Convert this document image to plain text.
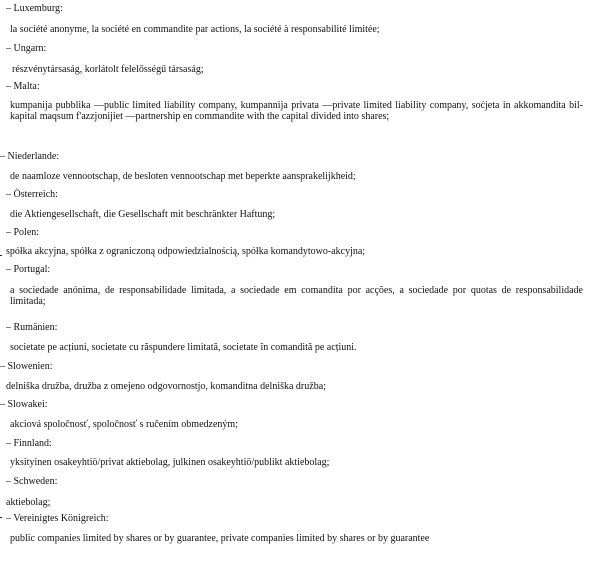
– Luxemburg:

la société anonyme, la société en commandite par actions, la société à responsabilité limitée;

– Ungarn:

részvénytársaság, korlátolt felelősségű társaság;

– Malta:

kumpanija pubblika —public limited liability company, kumpannija privata —private limited liability company, soċjeta in akkomandita bil-kapital maqsum f'azzjonijiet —partnership en commandite with the capital divided into shares;

– Niederlande:

de naamloze vennootschap, de besloten vennootschap met beperkte aansprakelijkheid;

– Österreich:

die Aktiengesellschaft, die Gesellschaft mit beschränkter Haftung;

– Polen:

spółka akcyjna, spółka z ograniczoną odpowiedzialnością, spółka komandytowo-akcyjna;

– Portugal:

a sociedade anónima, de responsabilidade limitada, a sociedade em comandita por acções, a sociedade por quotas de responsabilidade limitada;

– Rumänien:

societate pe acțiuni, societate cu răspundere limitată, societate în comandită pe acțiuni.

– Slowenien:

delniška družba, družba z omejeno odgovornostjo, komanditna delniška družba;

– Slowakei:

akciová spoločnosť, spoločnosť s ručením obmedzeným;

– Finnland:

yksityinen osakeyhtiö/privat aktiebolag, julkinen osakeyhtiö/publikt aktiebolag;

– Schweden:

aktiebolag;

– Vereinigtes Königreich:

public companies limited by shares or by guarantee, private companies limited by shares or by guarantee
